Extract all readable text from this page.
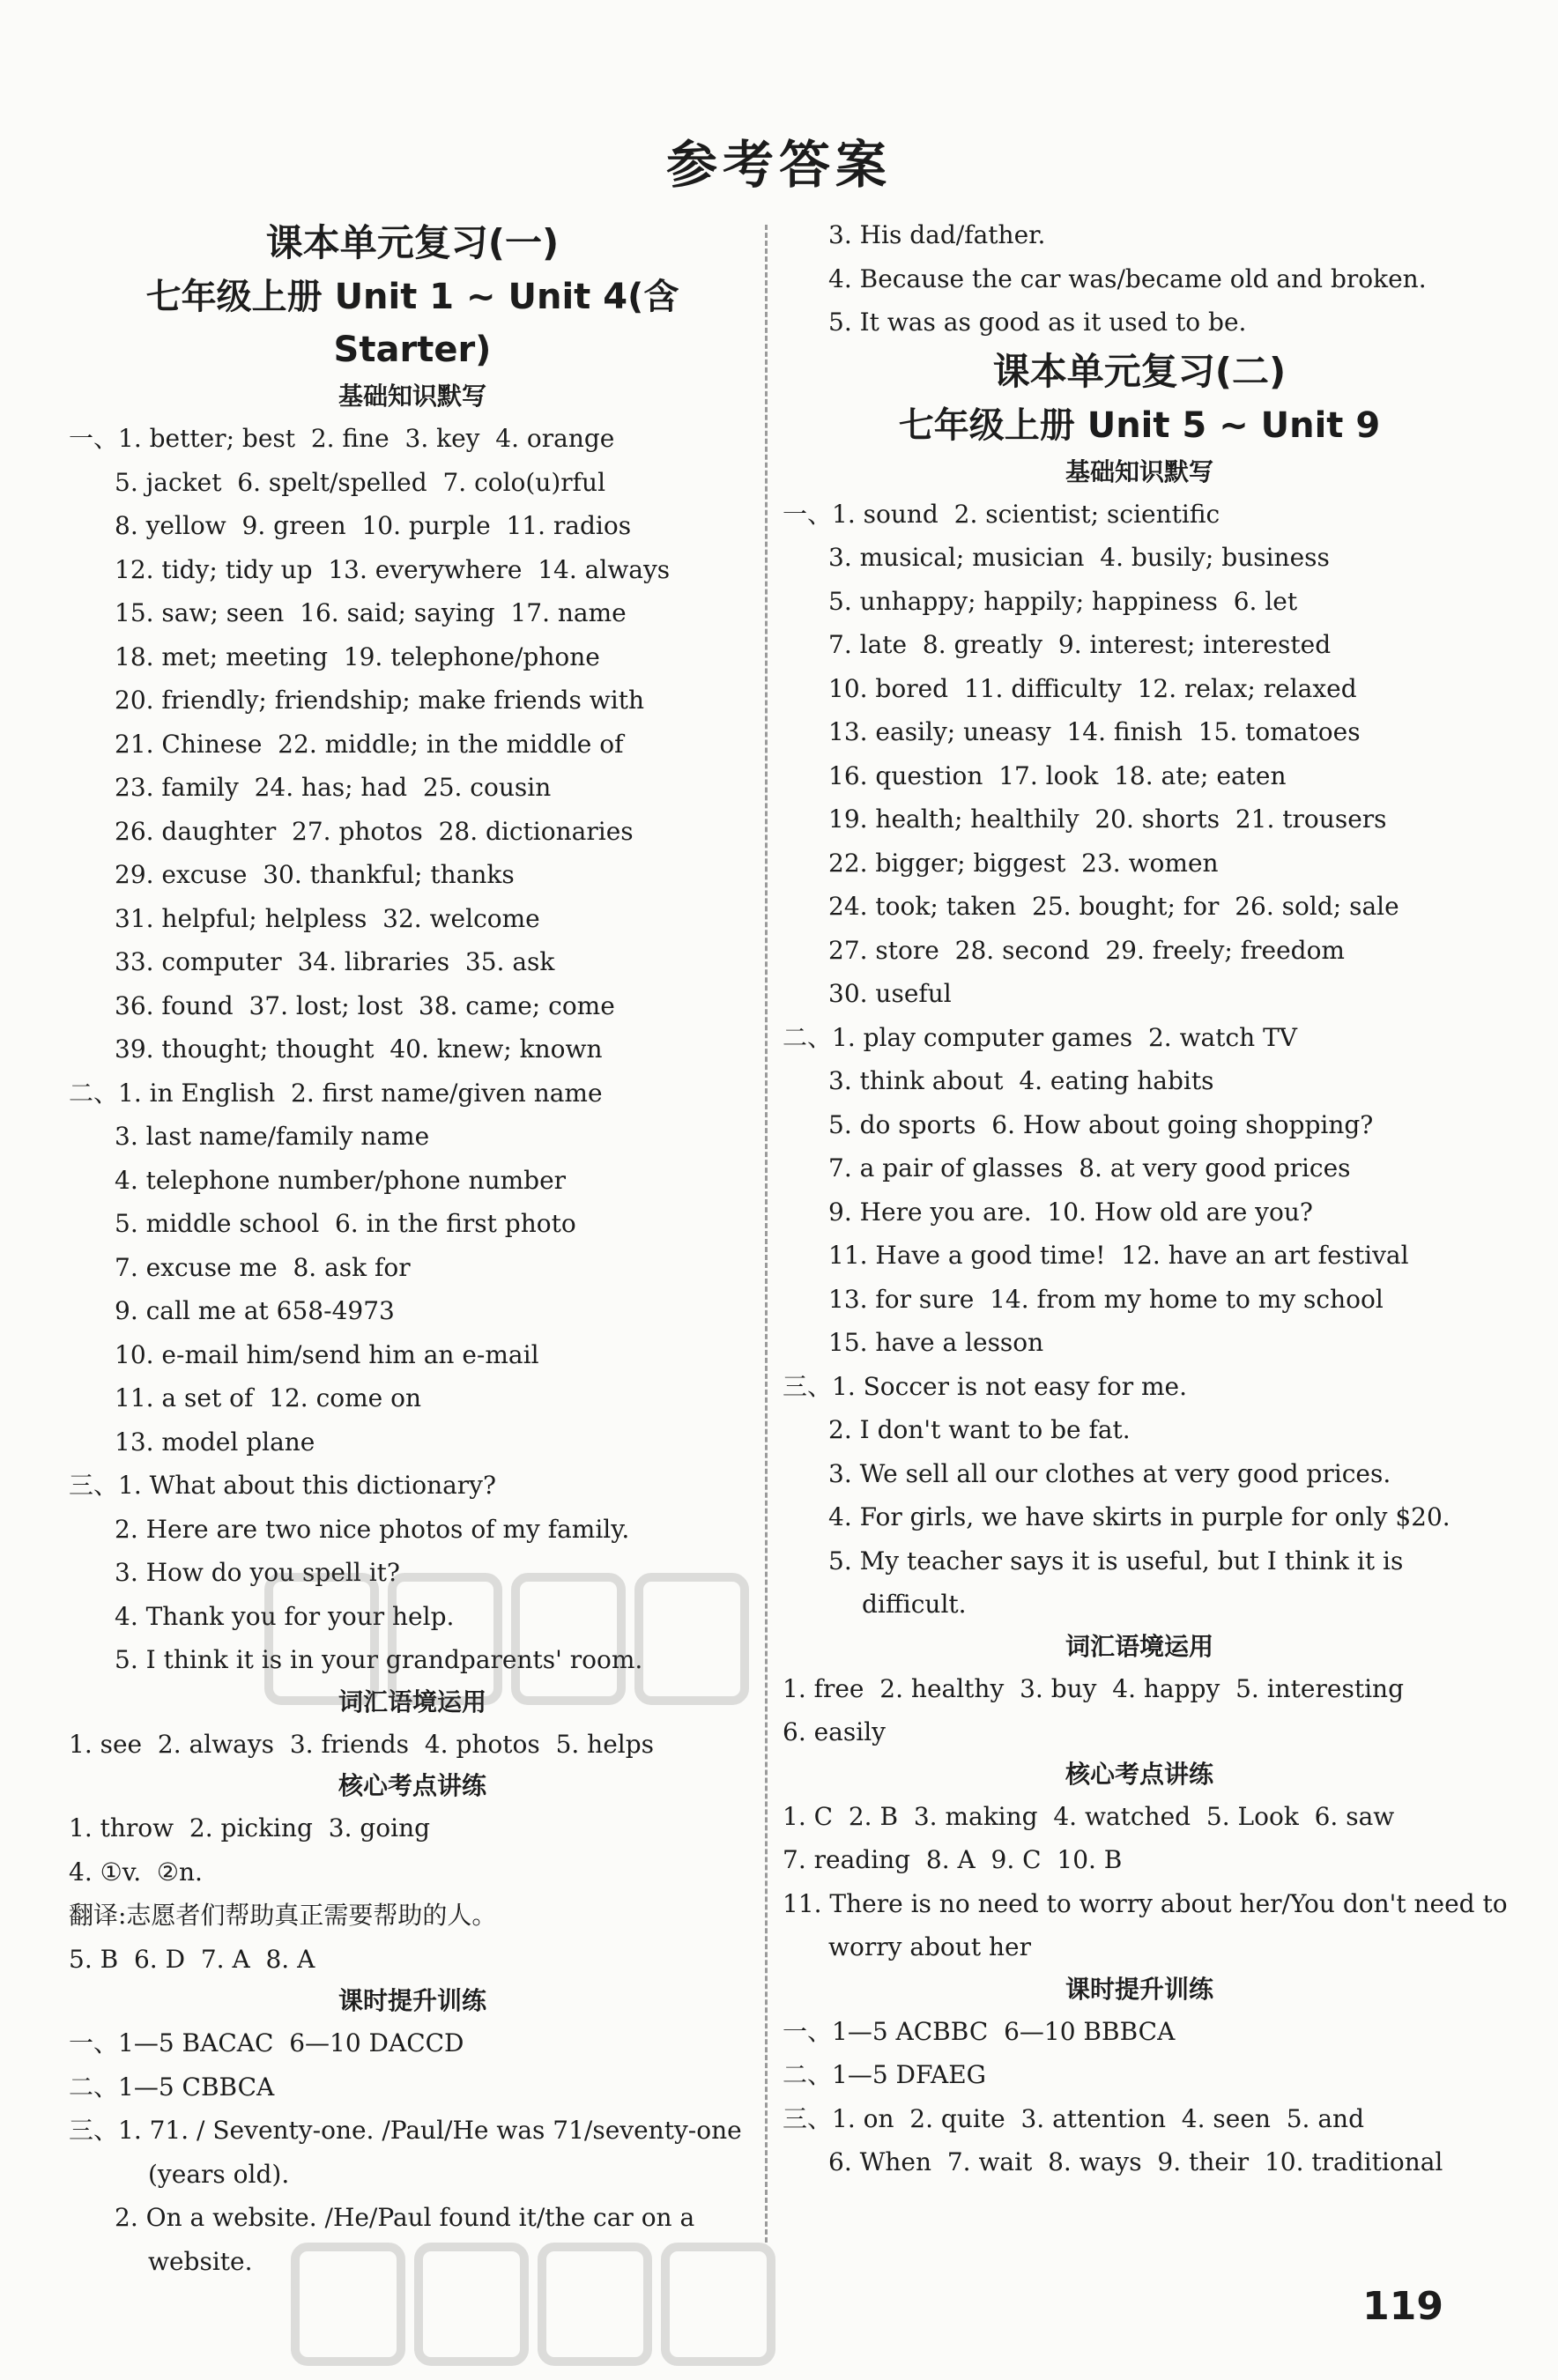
参考答案
课本单元复习(一)
七年级上册 Unit 1 ~ Unit 4(含 Starter)
基础知识默写
一、1. better; best  2. fine  3. key  4. orange
5. jacket  6. spelt/spelled  7. colo(u)rful
8. yellow  9. green  10. purple  11. radios
12. tidy; tidy up  13. everywhere  14. always
15. saw; seen  16. said; saying  17. name
18. met; meeting  19. telephone/phone
20. friendly; friendship; make friends with
21. Chinese  22. middle; in the middle of
23. family  24. has; had  25. cousin
26. daughter  27. photos  28. dictionaries
29. excuse  30. thankful; thanks
31. helpful; helpless  32. welcome
33. computer  34. libraries  35. ask
36. found  37. lost; lost  38. came; come
39. thought; thought  40. knew; known
二、1. in English  2. first name/given name
3. last name/family name
4. telephone number/phone number
5. middle school  6. in the first photo
7. excuse me  8. ask for
9. call me at 658-4973
10. e-mail him/send him an e-mail
11. a set of  12. come on
13. model plane
三、1. What about this dictionary?
2. Here are two nice photos of my family.
3. How do you spell it?
4. Thank you for your help.
5. I think it is in your grandparents' room.
词汇语境运用
1. see  2. always  3. friends  4. photos  5. helps
核心考点讲练
1. throw  2. picking  3. going
4. ①v.  ②n.
翻译:志愿者们帮助真正需要帮助的人。
5. B  6. D  7. A  8. A
课时提升训练
一、1—5 BACAC  6—10 DACCD
二、1—5 CBBCA
三、1. 71. / Seventy-one. /Paul/He was 71/seventy-one
(years old).
2. On a website. /He/Paul found it/the car on a
website.
3. His dad/father.
4. Because the car was/became old and broken.
5. It was as good as it used to be.
课本单元复习(二)
七年级上册 Unit 5 ~ Unit 9
基础知识默写
一、1. sound  2. scientist; scientific
3. musical; musician  4. busily; business
5. unhappy; happily; happiness  6. let
7. late  8. greatly  9. interest; interested
10. bored  11. difficulty  12. relax; relaxed
13. easily; uneasy  14. finish  15. tomatoes
16. question  17. look  18. ate; eaten
19. health; healthily  20. shorts  21. trousers
22. bigger; biggest  23. women
24. took; taken  25. bought; for  26. sold; sale
27. store  28. second  29. freely; freedom
30. useful
二、1. play computer games  2. watch TV
3. think about  4. eating habits
5. do sports  6. How about going shopping?
7. a pair of glasses  8. at very good prices
9. Here you are.  10. How old are you?
11. Have a good time!  12. have an art festival
13. for sure  14. from my home to my school
15. have a lesson
三、1. Soccer is not easy for me.
2. I don't want to be fat.
3. We sell all our clothes at very good prices.
4. For girls, we have skirts in purple for only $20.
5. My teacher says it is useful, but I think it is
difficult.
词汇语境运用
1. free  2. healthy  3. buy  4. happy  5. interesting
6. easily
核心考点讲练
1. C  2. B  3. making  4. watched  5. Look  6. saw
7. reading  8. A  9. C  10. B
11. There is no need to worry about her/You don't need to
worry about her
课时提升训练
一、1—5 ACBBC  6—10 BBBCA
二、1—5 DFAEG
三、1. on  2. quite  3. attention  4. seen  5. and
6. When  7. wait  8. ways  9. their  10. traditional
119
